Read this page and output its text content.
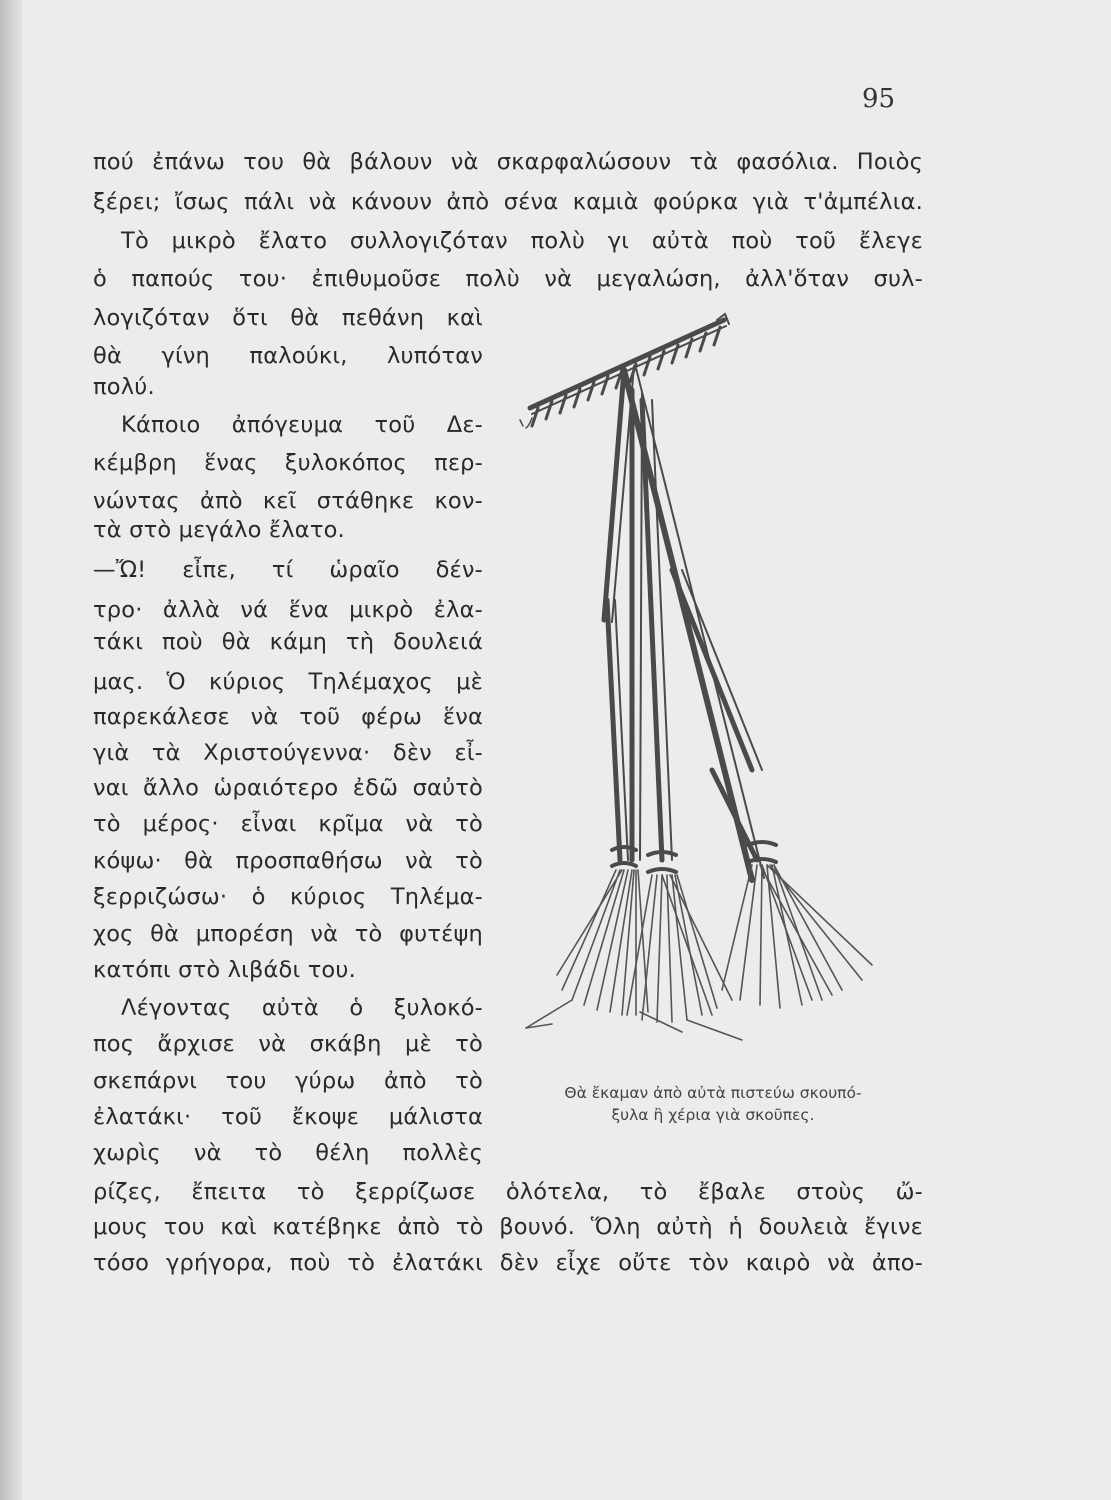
95
πού ἐπάνω του θὰ βάλουν νὰ σκαρφαλώσουν τὰ φασόλια. Ποιὸς
ξέρει; ἴσως πάλι νὰ κάνουν ἀπὸ σένα καμιὰ φούρκα γιὰ τ'ἀμπέλια.
Τὸ μικρὸ ἔλατο συλλογιζόταν πολὺ γι αὐτὰ ποὺ τοῦ ἔλεγε
ὁ παπούς του· ἐπιθυμοῦσε πολὺ νὰ μεγαλώση, ἀλλ'ὅταν συλ-
λογιζόταν ὅτι θὰ πεθάνη καὶ
θὰ γίνη παλούκι, λυπόταν
πολύ.
Κάποιο ἀπόγευμα τοῦ Δε-
κέμβρη ἕνας ξυλοκόπος περ-
νώντας ἀπὸ κεῖ στάθηκε κον-
τὰ στὸ μεγάλο ἔλατο.
—Ὤ! εἶπε, τί ὡραῖο δέν-
τρο· ἀλλὰ νά ἕνα μικρὸ ἐλα-
τάκι ποὺ θὰ κάμη τὴ δουλειά
μας. Ὁ κύριος Τηλέμαχος μὲ
παρεκάλεσε νὰ τοῦ φέρω ἕνα
γιὰ τὰ Χριστούγεννα· δὲν εἶ-
ναι ἄλλο ὡραιότερο ἐδῶ σαὐτὸ
τὸ μέρος· εἶναι κρῖμα νὰ τὸ
κόψω· θὰ προσπαθήσω νὰ τὸ
ξερριζώσω· ὁ κύριος Τηλέμα-
χος θὰ μπορέση νὰ τὸ φυτέψη
κατόπι στὸ λιβάδι του.
Λέγοντας αὐτὰ ὁ ξυλοκό-
πος ἄρχισε νὰ σκάβη μὲ τὸ
σκεπάρνι του γύρω ἀπὸ τὸ
ἐλατάκι· τοῦ ἔκοψε μάλιστα
χωρὶς νὰ τὸ θέλη πολλὲς
ρίζες, ἔπειτα τὸ ξερρίζωσε ὁλότελα, τὸ ἔβαλε στοὺς ὤ-
μους του καὶ κατέβηκε ἀπὸ τὸ βουνό. Ὅλη αὐτὴ ἡ δουλειὰ ἔγινε
τόσο γρήγορα, ποὺ τὸ ἐλατάκι δὲν εἶχε οὔτε τὸν καιρὸ νὰ ἀπο-
Θὰ ἔκαμαν ἀπὸ αὐτὰ πιστεύω σκουπό-
ξυλα ἢ χέρια γιὰ σκοῦπες.
